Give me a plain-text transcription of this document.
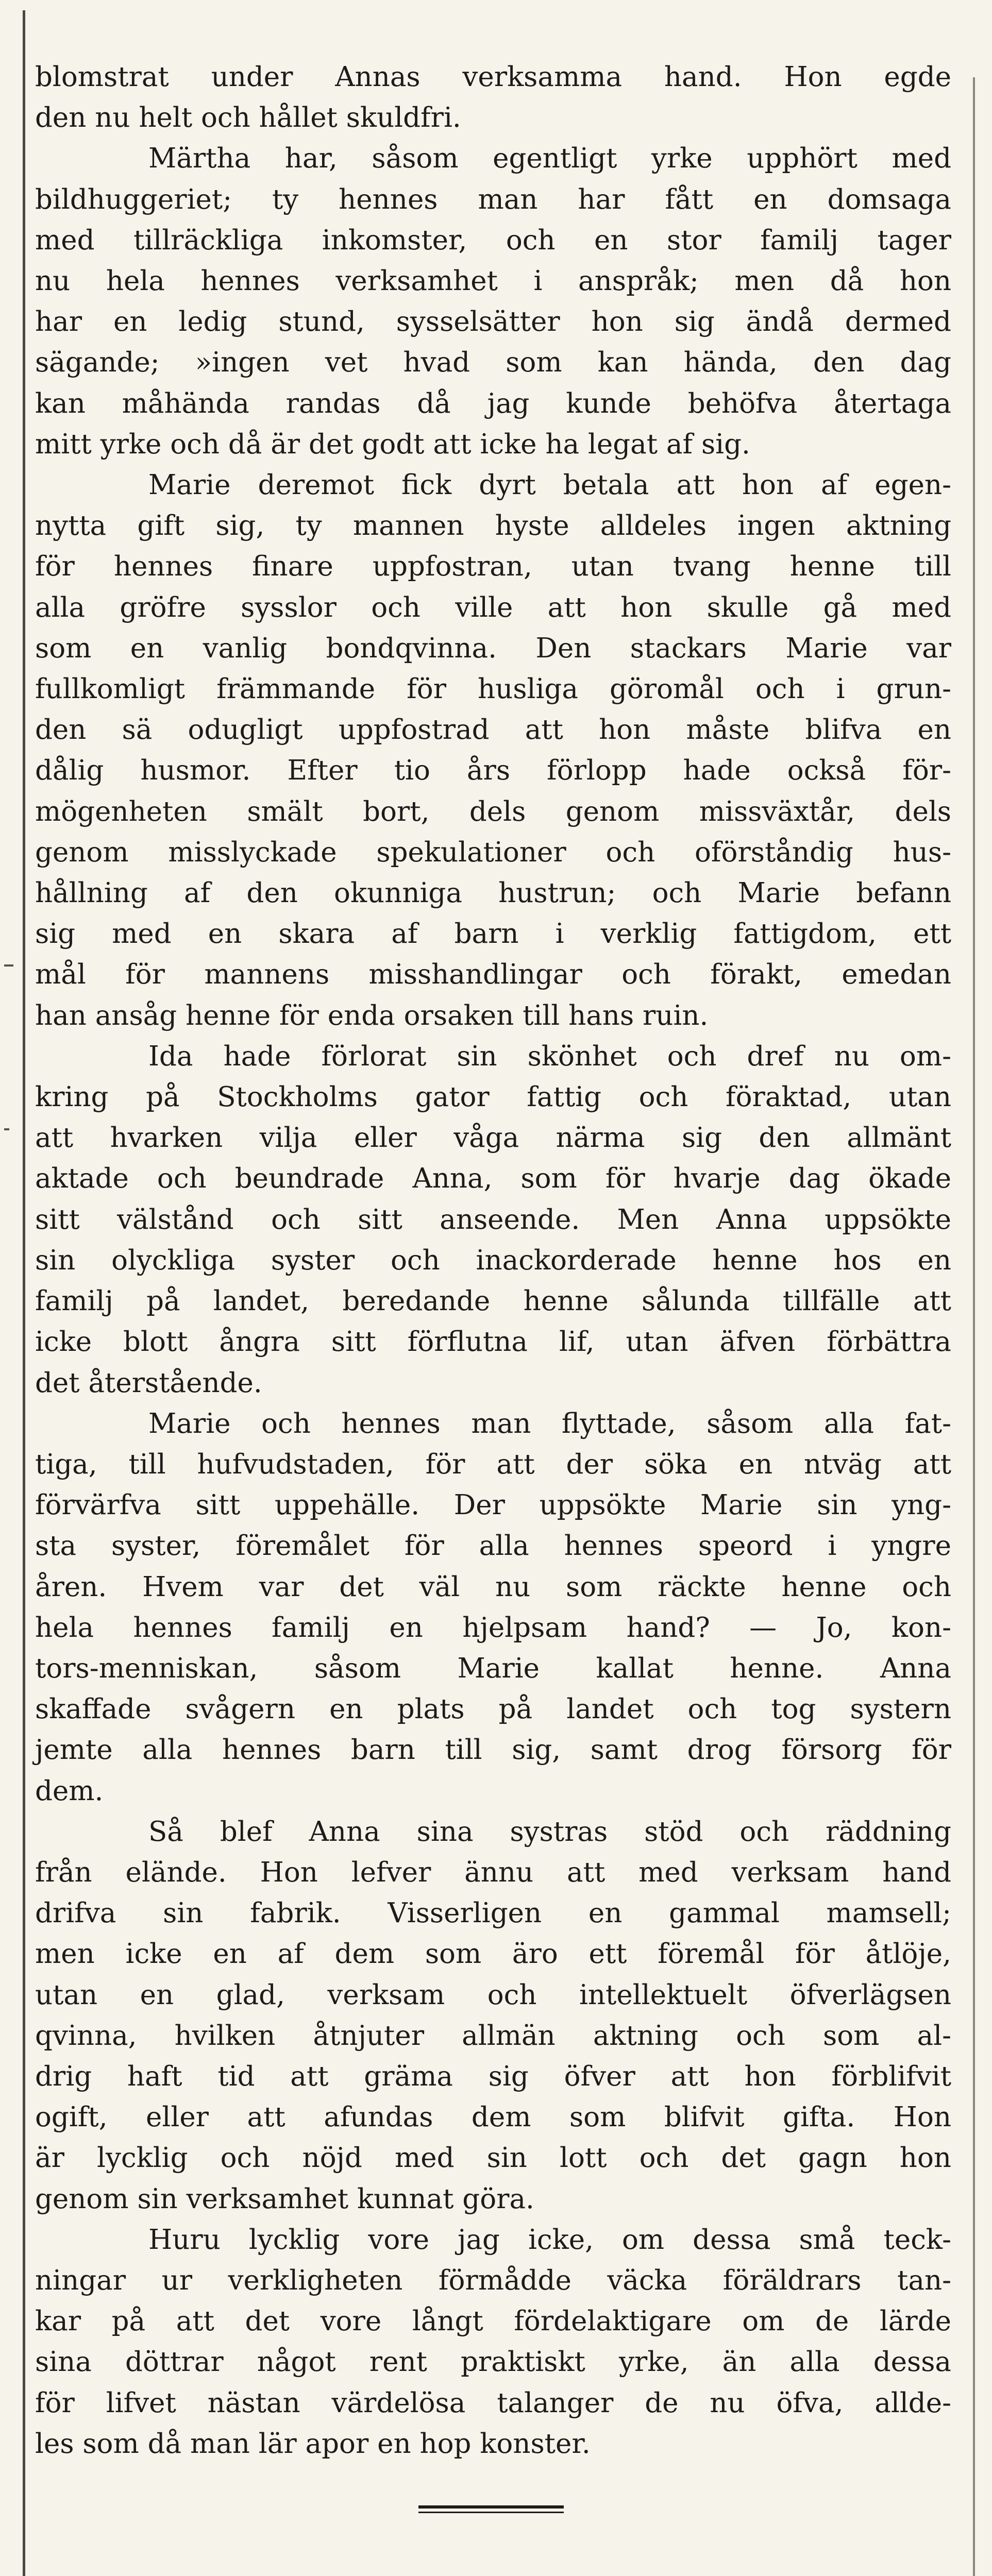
blomstrat under Annas verksamma hand. Hon egde
den nu helt och hållet skuldfri.

Märtha har, såsom egentligt yrke upphört med
bildhuggeriet; ty hennes man har fått en domsaga
med tillräckliga inkomster, och en stor familj tager
nu hela hennes verksamhet i anspråk; men då hon
har en ledig stund, sysselsätter hon sig ändå dermed
sägande; »ingen vet hvad som kan hända, den dag
kan måhända randas då jag kunde behöfva återtaga
mitt yrke och då är det godt att icke ha legat af sig.

Marie deremot fick dyrt betala att hon af egen-
nytta gift sig, ty mannen hyste alldeles ingen aktning
för hennes finare uppfostran, utan tvang henne till
alla gröfre sysslor och ville att hon skulle gå med
som en vanlig bondqvinna. Den stackars Marie var
fullkomligt främmande för husliga göromål och i grun-
den sä odugligt uppfostrad att hon måste blifva en
dålig husmor. Efter tio års förlopp hade också för-
mögenheten smält bort, dels genom missväxtår, dels
genom misslyckade spekulationer och oförståndig hus-
hållning af den okunniga hustrun; och Marie befann
sig med en skara af barn i verklig fattigdom, ett
mål för mannens misshandlingar och förakt, emedan
han ansåg henne för enda orsaken till hans ruin.

Ida hade förlorat sin skönhet och dref nu om-
kring på Stockholms gator fattig och föraktad, utan
att hvarken vilja eller våga närma sig den allmänt
aktade och beundrade Anna, som för hvarje dag ökade
sitt välstånd och sitt anseende. Men Anna uppsökte
sin olyckliga syster och inackorderade henne hos en
familj på landet, beredande henne sålunda tillfälle att
icke blott ångra sitt förflutna lif, utan äfven förbättra
det återstående.

Marie och hennes man flyttade, såsom alla fat-
tiga, till hufvudstaden, för att der söka en ntväg att
förvärfva sitt uppehälle. Der uppsökte Marie sin yng-
sta syster, föremålet för alla hennes speord i yngre
åren. Hvem var det väl nu som räckte henne och
hela hennes familj en hjelpsam hand? — Jo, kon-
tors-menniskan, såsom Marie kallat henne. Anna
skaffade svågern en plats på landet och tog systern
jemte alla hennes barn till sig, samt drog försorg för
dem.

Så blef Anna sina systras stöd och räddning
från elände. Hon lefver ännu att med verksam hand
drifva sin fabrik. Visserligen en gammal mamsell;
men icke en af dem som äro ett föremål för åtlöje,
utan en glad, verksam och intellektuelt öfverlägsen
qvinna, hvilken åtnjuter allmän aktning och som al-
drig haft tid att gräma sig öfver att hon förblifvit
ogift, eller att afundas dem som blifvit gifta. Hon
är lycklig och nöjd med sin lott och det gagn hon
genom sin verksamhet kunnat göra.

Huru lycklig vore jag icke, om dessa små teck-
ningar ur verkligheten förmådde väcka föräldrars tan-
kar på att det vore långt fördelaktigare om de lärde
sina döttrar något rent praktiskt yrke, än alla dessa
för lifvet nästan värdelösa talanger de nu öfva, allde-
les som då man lär apor en hop konster.
